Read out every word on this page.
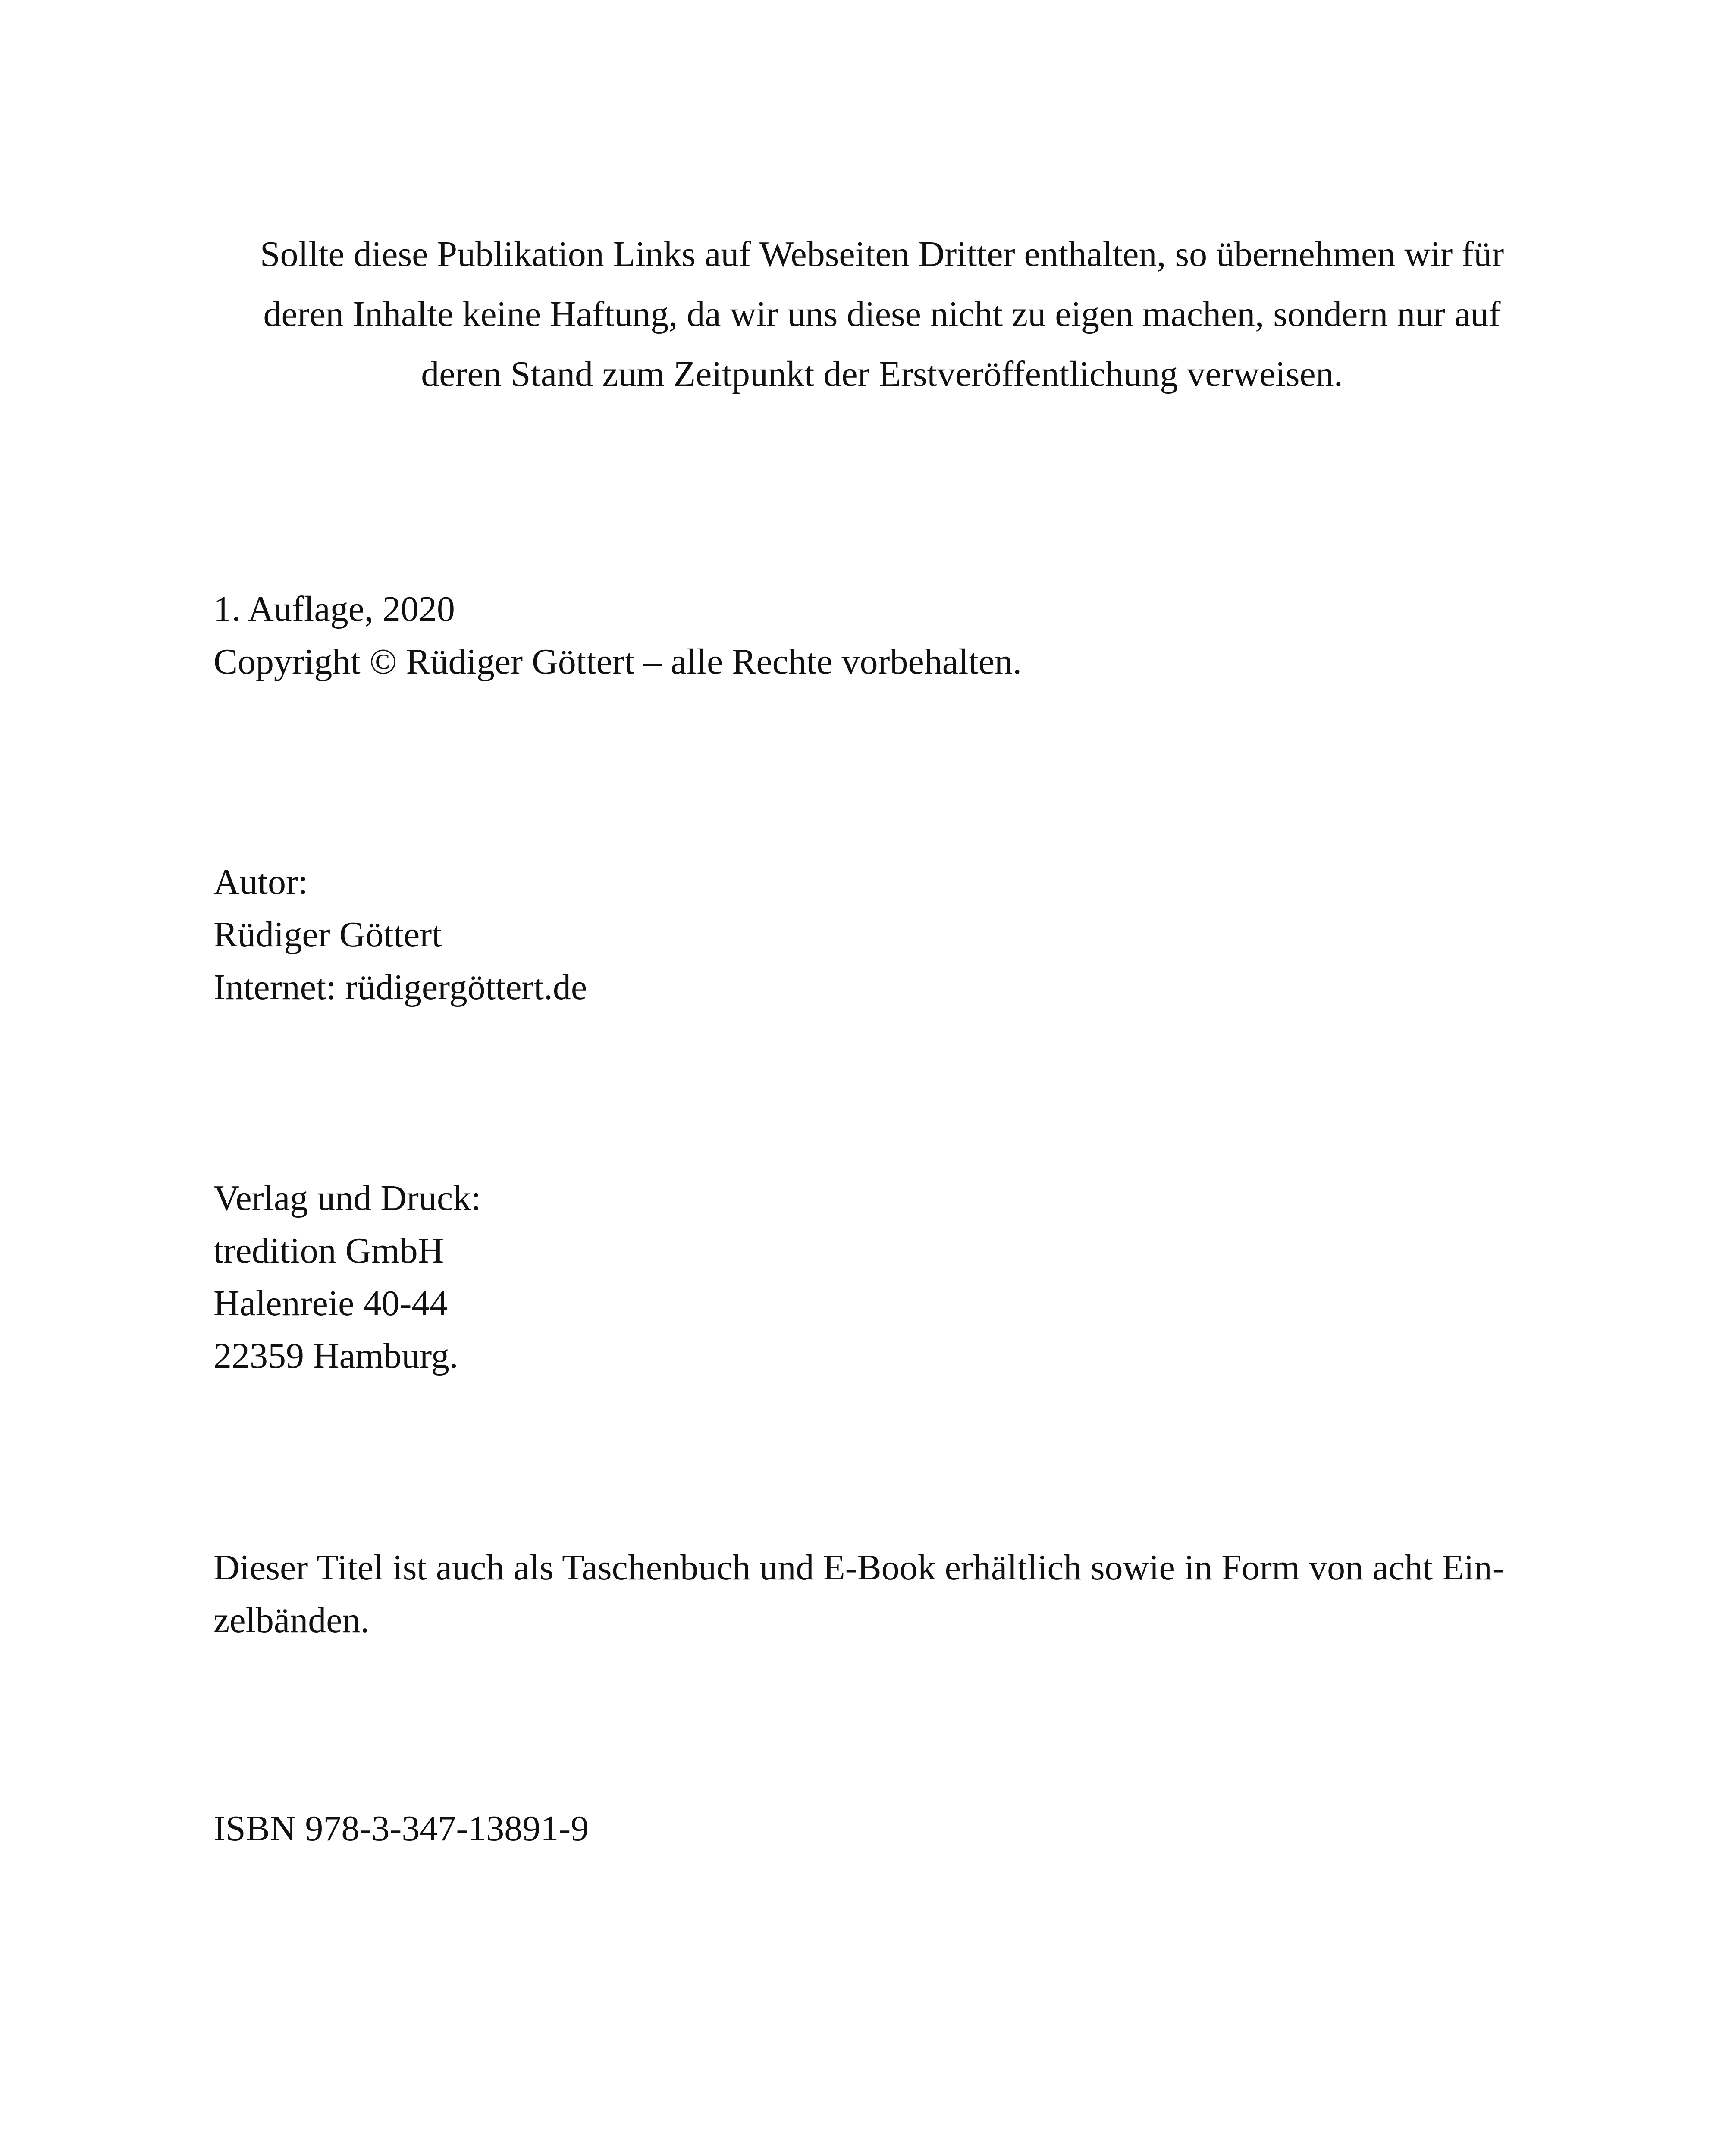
Sollte diese Publikation Links auf Webseiten Dritter enthalten, so übernehmen wir für
deren Inhalte keine Haftung, da wir uns diese nicht zu eigen machen, sondern nur auf
deren Stand zum Zeitpunkt der Erstveröffentlichung verweisen.
1. Auflage, 2020
Copyright © Rüdiger Göttert – alle Rechte vorbehalten.
Autor:
Rüdiger Göttert
Internet: rüdigergöttert.de
Verlag und Druck:
tredition GmbH
Halenreie 40-44
22359 Hamburg.
Dieser Titel ist auch als Taschenbuch und E-Book erhältlich sowie in Form von acht Ein-
zelbänden.
ISBN 978-3-347-13891-9
